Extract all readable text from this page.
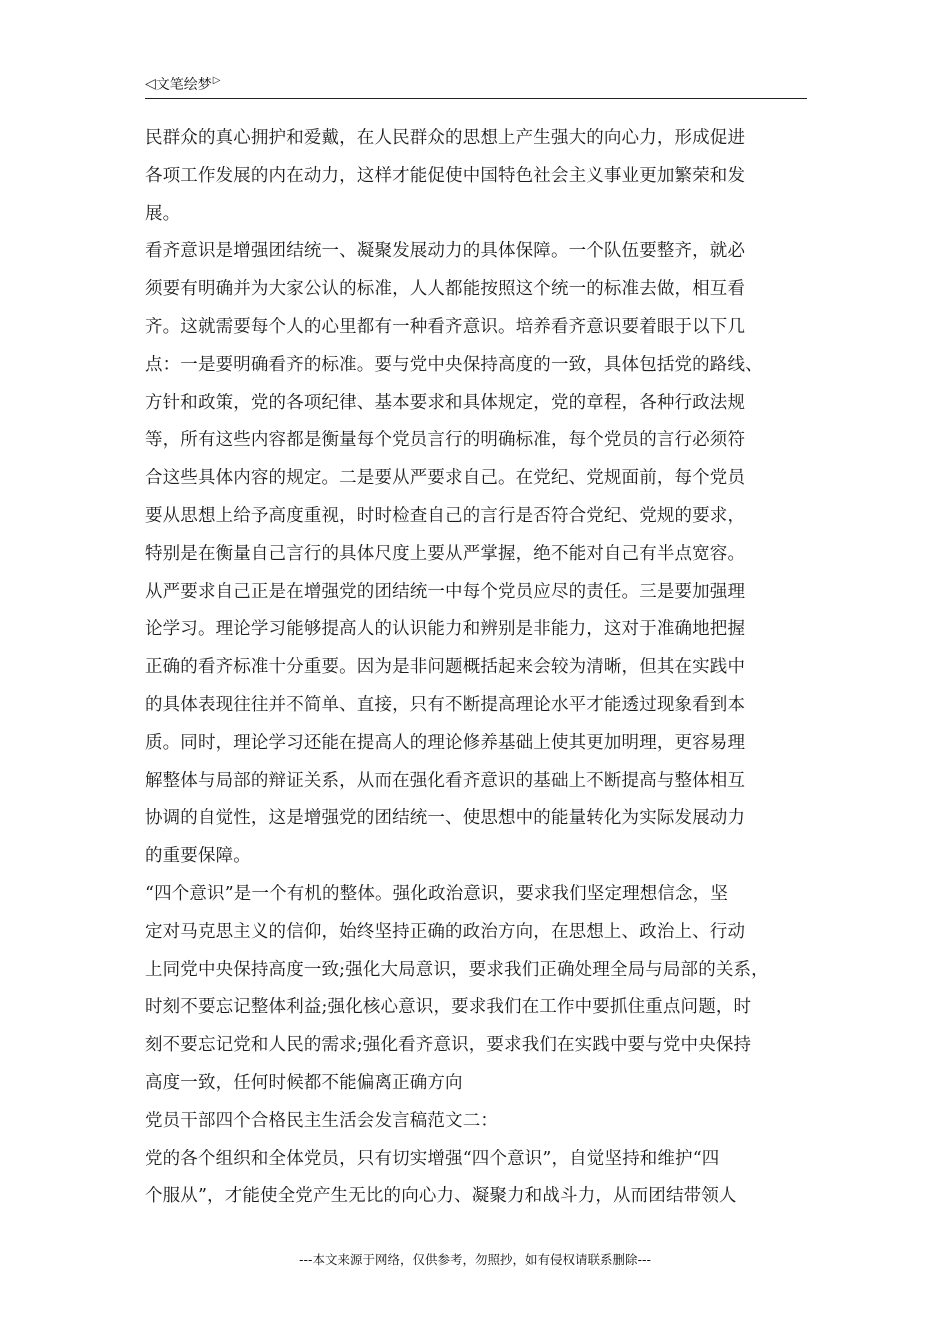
◁ 文笔绘梦 ▷
民群众的真心拥护和爱戴，在人民群众的思想上产生强大的向心力，形成促进
各项工作发展的内在动力，这样才能促使中国特色社会主义事业更加繁荣和发
展。
看齐意识是增强团结统一、凝聚发展动力的具体保障。一个队伍要整齐，就必
须要有明确并为大家公认的标准，人人都能按照这个统一的标准去做，相互看
齐。这就需要每个人的心里都有一种看齐意识。培养看齐意识要着眼于以下几
点：一是要明确看齐的标准。要与党中央保持高度的一致，具体包括党的路线、
方针和政策，党的各项纪律、基本要求和具体规定，党的章程，各种行政法规
等，所有这些内容都是衡量每个党员言行的明确标准，每个党员的言行必须符
合这些具体内容的规定。二是要从严要求自己。在党纪、党规面前，每个党员
要从思想上给予高度重视，时时检查自己的言行是否符合党纪、党规的要求，
特别是在衡量自己言行的具体尺度上要从严掌握，绝不能对自己有半点宽容。
从严要求自己正是在增强党的团结统一中每个党员应尽的责任。三是要加强理
论学习。理论学习能够提高人的认识能力和辨别是非能力，这对于准确地把握
正确的看齐标准十分重要。因为是非问题概括起来会较为清晰，但其在实践中
的具体表现往往并不简单、直接，只有不断提高理论水平才能透过现象看到本
质。同时，理论学习还能在提高人的理论修养基础上使其更加明理，更容易理
解整体与局部的辩证关系，从而在强化看齐意识的基础上不断提高与整体相互
协调的自觉性，这是增强党的团结统一、使思想中的能量转化为实际发展动力
的重要保障。
“四个意识”是一个有机的整体。强化政治意识，要求我们坚定理想信念，坚
定对马克思主义的信仰，始终坚持正确的政治方向，在思想上、政治上、行动
上同党中央保持高度一致;强化大局意识，要求我们正确处理全局与局部的关系，
时刻不要忘记整体利益;强化核心意识，要求我们在工作中要抓住重点问题，时
刻不要忘记党和人民的需求;强化看齐意识，要求我们在实践中要与党中央保持
高度一致，任何时候都不能偏离正确方向
党员干部四个合格民主生活会发言稿范文二：
党的各个组织和全体党员，只有切实增强“四个意识”，自觉坚持和维护“四
个服从”，才能使全党产生无比的向心力、凝聚力和战斗力，从而团结带领人
---本文来源于网络，仅供参考，勿照抄，如有侵权请联系删除---
